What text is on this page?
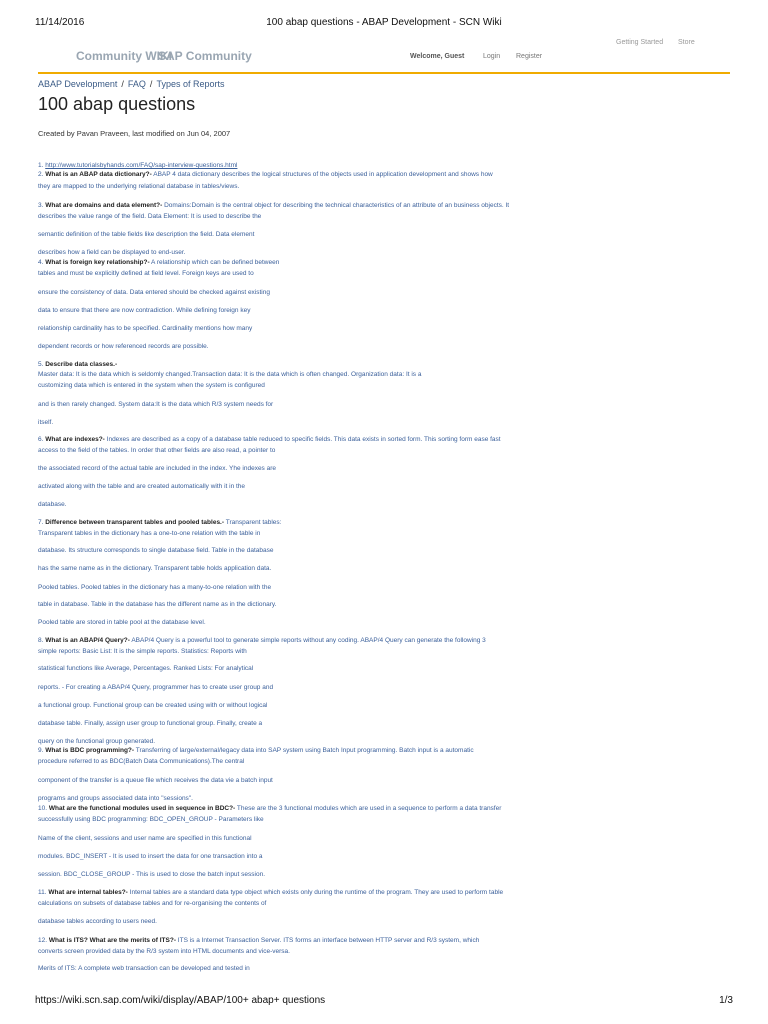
11/14/2016	100 abap questions - ABAP Development - SCN Wiki
Community WIKI
SAP Community
Getting Started Store
Welcome, Guest	Login Register
ABAP Development / FAQ / Types of Reports
100 abap questions
Created by Pavan Praveen, last modified on Jun 04, 2007
1. http://www.tutorialsbyhands.com/FAQ/sap-interview-questions.html
2. What is an ABAP data dictionary?- ABAP 4 data dictionary describes the logical structures of the objects used in application development and shows how
they are mapped to the underlying relational database in tables/views.
3. What are domains and data element?- Domains:Domain is the central object for describing the technical characteristics of an attribute of an business objects. It
describes the value range of the field. Data Element: It is used to describe the
semantic definition of the table fields like description the field. Data element
describes how a field can be displayed to end-user.
4. What is foreign key relationship?- A relationship which can be defined between
tables and must be explicitly defined at field level. Foreign keys are used to
ensure the consistency of data. Data entered should be checked against existing
data to ensure that there are now contradiction. While defining foreign key
relationship cardinality has to be specified. Cardinality mentions how many
dependent records or how referenced records are possible.
5. Describe data classes.-
Master data: It is the data which is seldomly changed.Transaction data: It is the data which is often changed. Organization data: It is a
customizing data which is entered in the system when the system is configured
and is then rarely changed. System data:It is the data which R/3 system needs for
itself.
6. What are indexes?- Indexes are described as a copy of a database table reduced to specific fields. This data exists in sorted form. This sorting form ease fast
access to the field of the tables. In order that other fields are also read, a pointer to
the associated record of the actual table are included in the index. Yhe indexes are
activated along with the table and are created automatically with it in the
database.
7. Difference between transparent tables and pooled tables.- Transparent tables:
Transparent tables in the dictionary has a one-to-one relation with the table in
database. Its structure corresponds to single database field. Table in the database
has the same name as in the dictionary. Transparent table holds application data.
Pooled tables. Pooled tables in the dictionary has a many-to-one relation with the
table in database. Table in the database has the different name as in the dictionary.
Pooled table are stored in table pool at the database level.
8. What is an ABAP/4 Query?- ABAP/4 Query is a powerful tool to generate simple reports without any coding. ABAP/4 Query can generate the following 3
simple reports: Basic List: It is the simple reports. Statistics: Reports with
statistical functions like Average, Percentages. Ranked Lists: For analytical
reports. - For creating a ABAP/4 Query, programmer has to create user group and
a functional group. Functional group can be created using with or without logical
database table. Finally, assign user group to functional group. Finally, create a
query on the functional group generated.
9. What is BDC programming?- Transferring of large/external/legacy data into SAP system using Batch Input programming. Batch input is a automatic
procedure referred to as BDC(Batch Data Communications).The central
component of the transfer is a queue file which receives the data vie a batch input
programs and groups associated data into "sessions".
10. What are the functional modules used in sequence in BDC?- These are the 3 functional modules which are used in a sequence to perform a data transfer
successfully using BDC programming: BDC_OPEN_GROUP - Parameters like
Name of the client, sessions and user name are specified in this functional
modules. BDC_INSERT - It is used to insert the data for one transaction into a
session. BDC_CLOSE_GROUP - This is used to close the batch input session.
11. What are internal tables?- Internal tables are a standard data type object which exists only during the runtime of the program. They are used to perform table
calculations on subsets of database tables and for re-organising the contents of
database tables according to users need.
12. What is ITS? What are the merits of ITS?- ITS is a Internet Transaction Server. ITS forms an interface between HTTP server and R/3 system, which
converts screen provided data by the R/3 system into HTML documents and vice-versa.
Merits of ITS: A complete web transaction can be developed and tested in
https://wiki.scn.sap.com/wiki/display/ABAP/100+ abap+ questions	1/3
